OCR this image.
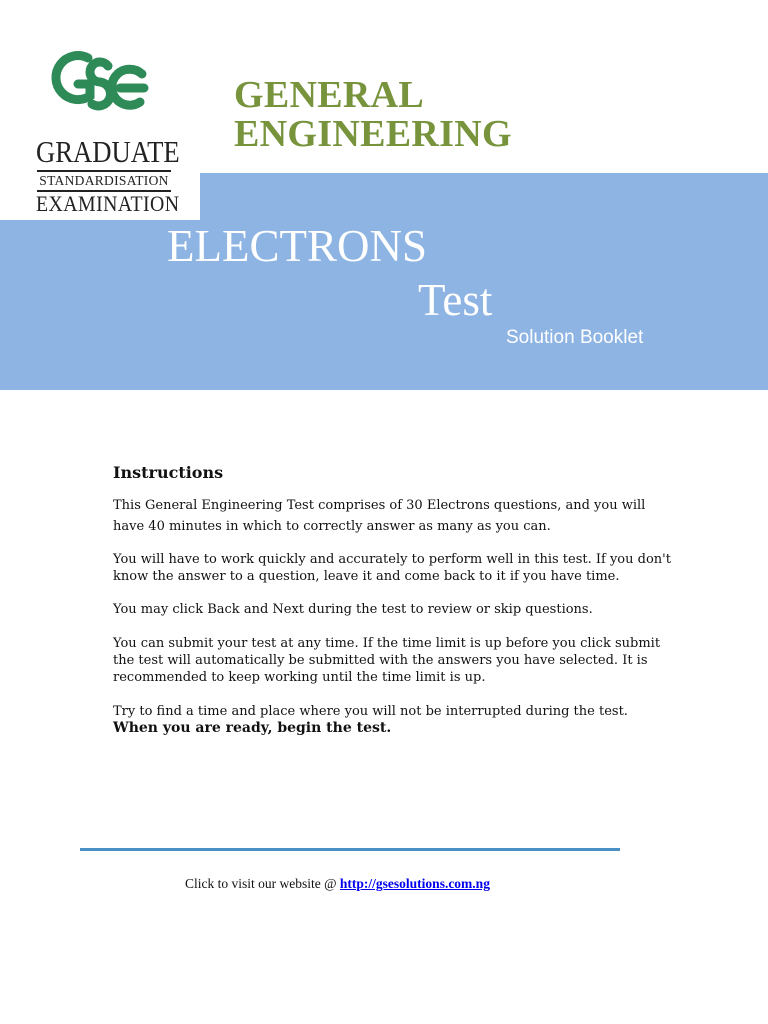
GRADUATE
STANDARDISATION
EXAMINATION
GENERAL
ENGINEERING
ELECTRONS
Test
Solution Booklet
Instructions

This General Engineering Test comprises of 30 Electrons questions, and you will have 40 minutes in which to correctly answer as many as you can.

You will have to work quickly and accurately to perform well in this test. If you don't know the answer to a question, leave it and come back to it if you have time.

You may click Back and Next during the test to review or skip questions.

You can submit your test at any time. If the time limit is up before you click submit the test will automatically be submitted with the answers you have selected. It is recommended to keep working until the time limit is up.

Try to find a time and place where you will not be interrupted during the test.

When you are ready, begin the test.

Click to visit our website @ http://gsesolutions.com.ng
